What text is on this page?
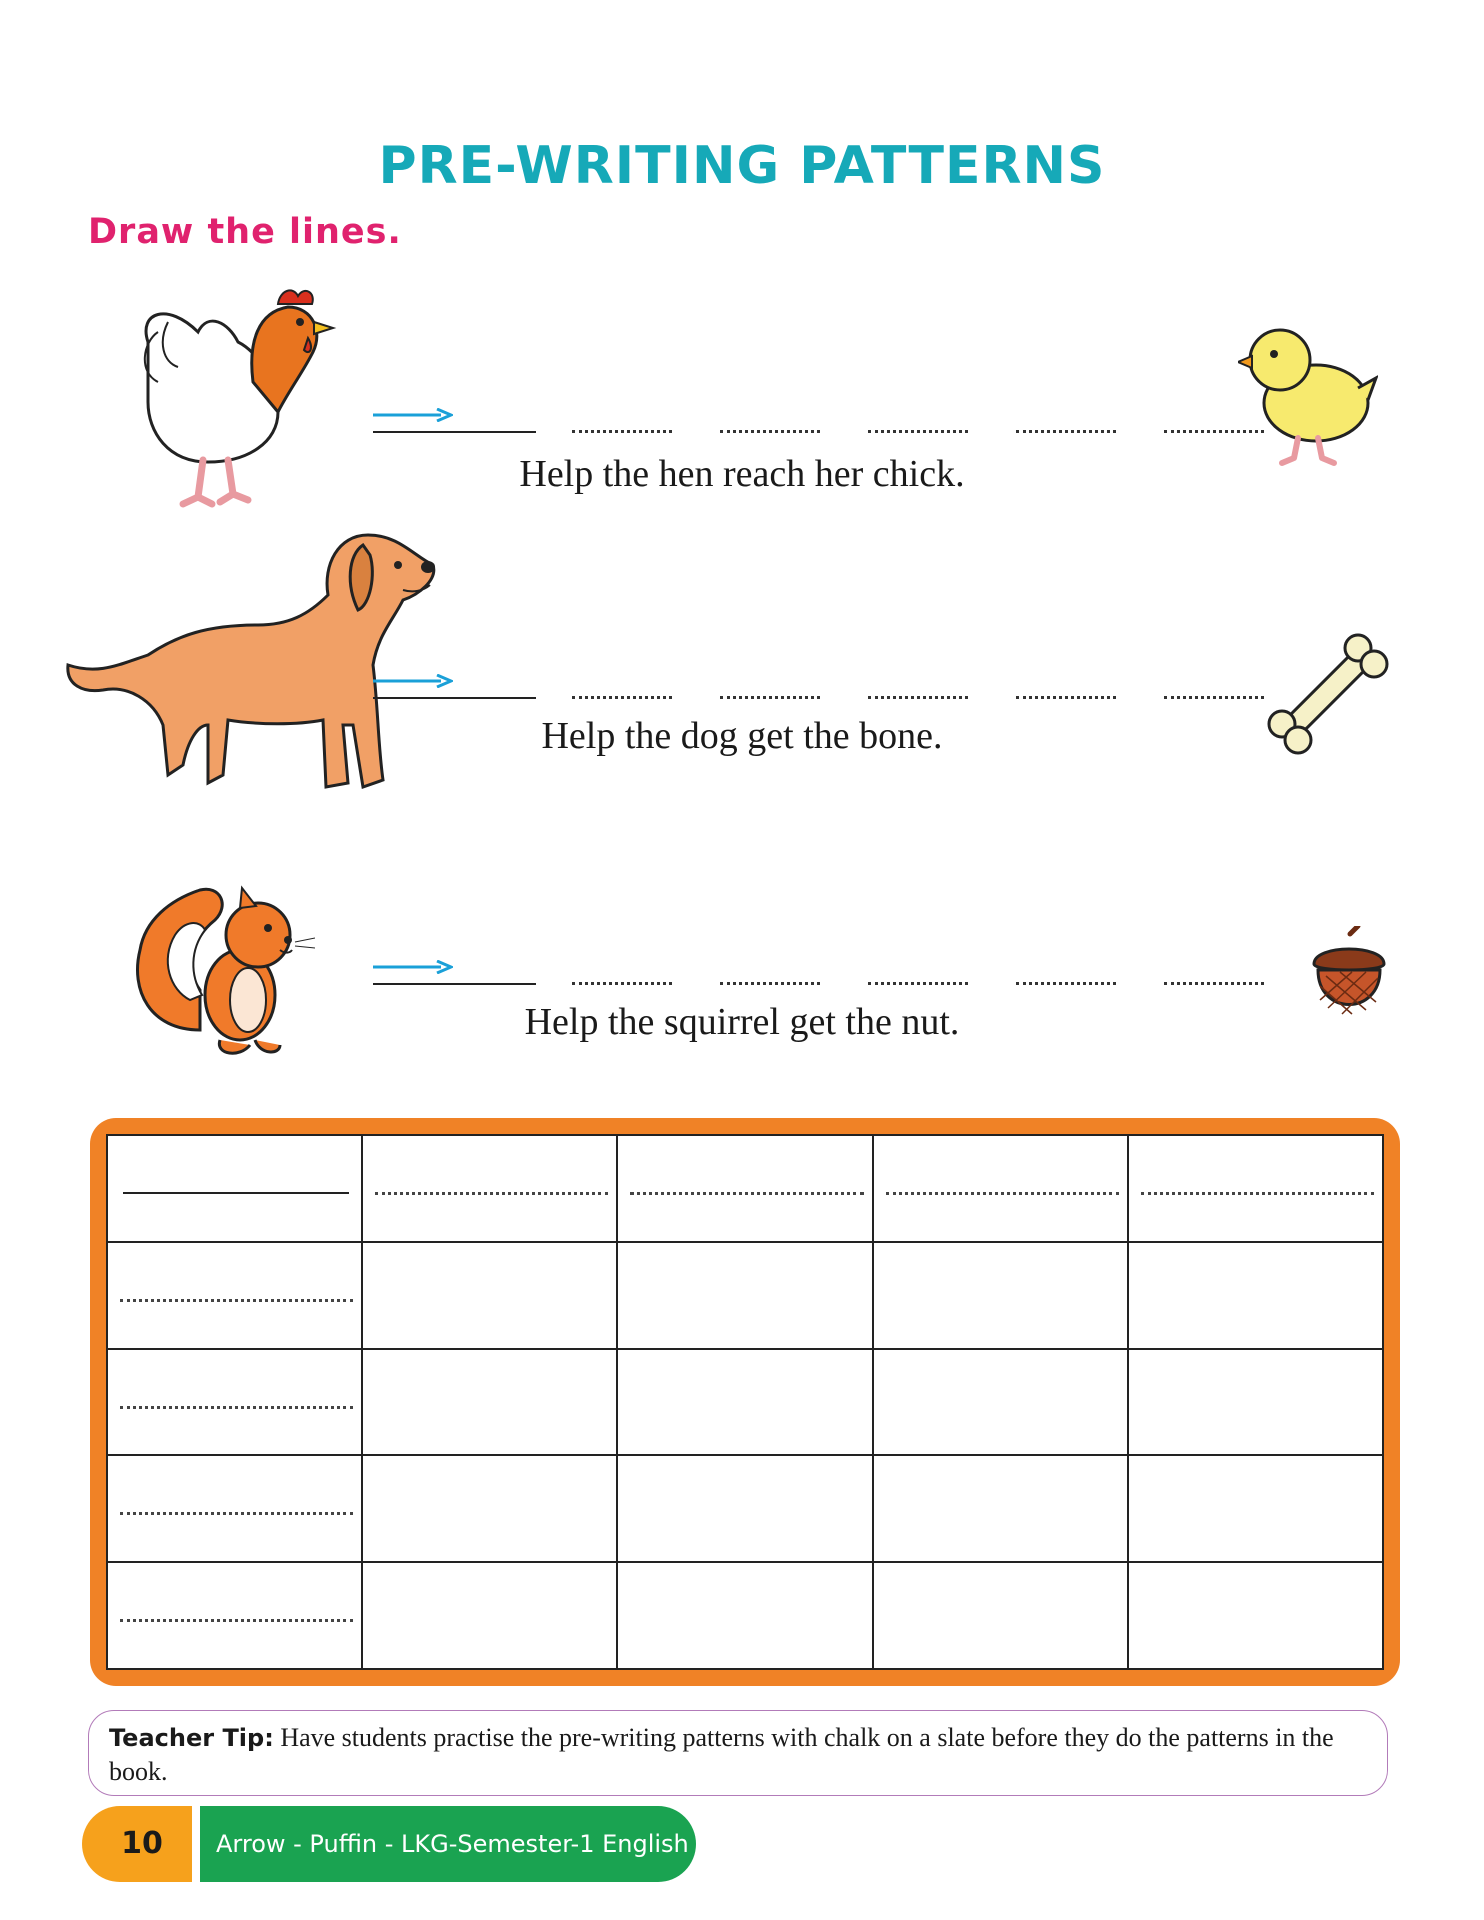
PRE-WRITING PATTERNS
Draw the lines.
Help the hen reach her chick.
Help the dog get the bone.
Help the squirrel get the nut.

Teacher Tip: Have students practise the pre-writing patterns with chalk on a slate before they do the patterns in the book.
10	Arrow - Puffin - LKG-Semester-1 English
